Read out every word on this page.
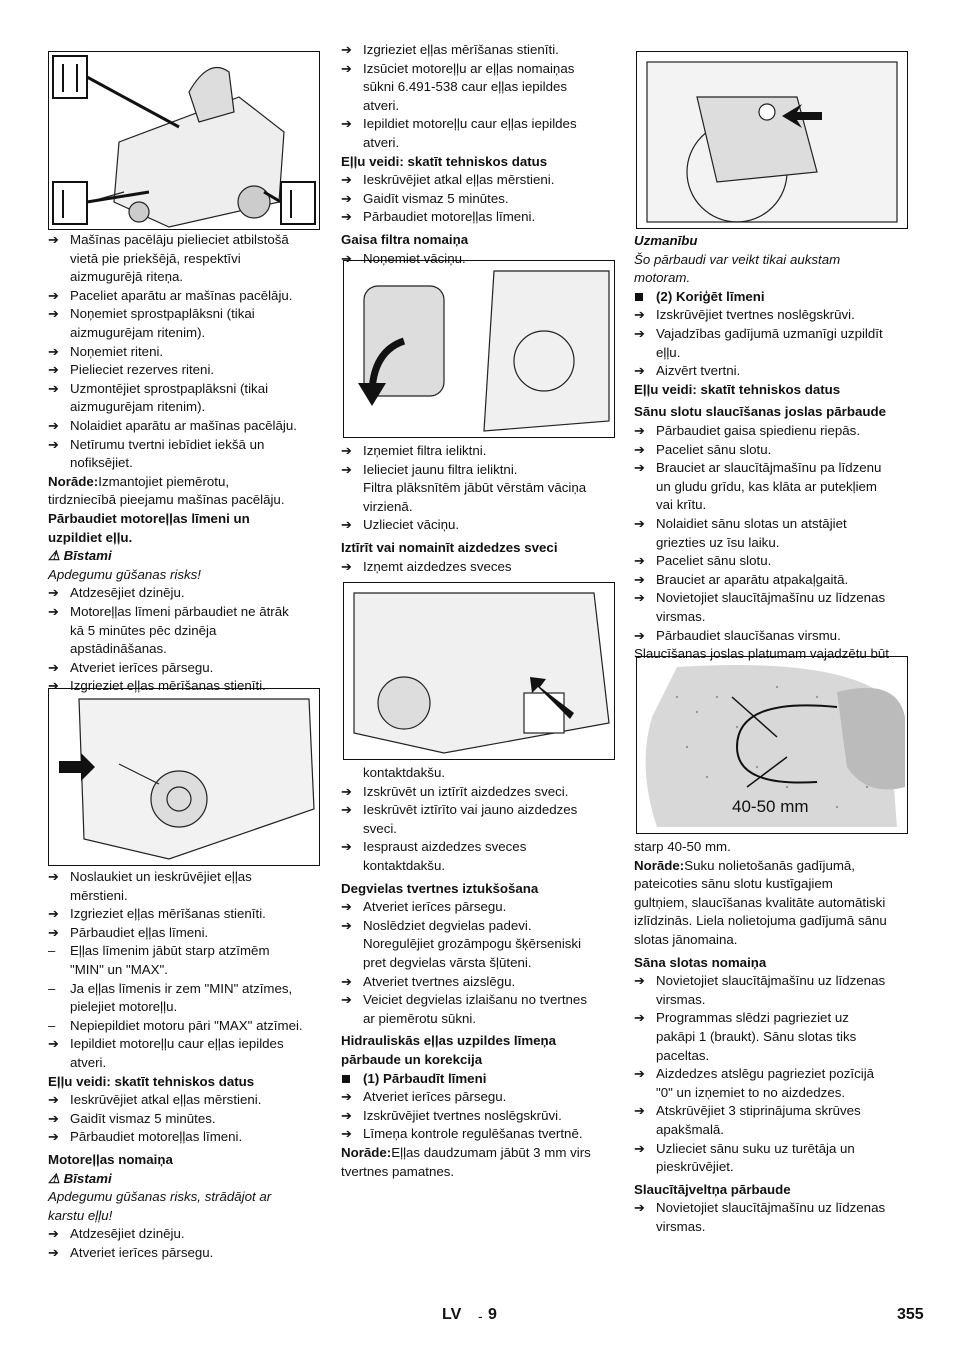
➔ Mašīnas pacēlāju pielieciet atbilstošā
vietā pie priekšējā, respektīvi
aizmugurējā riteņa.
➔ Paceliet aparātu ar mašīnas pacēlāju.
➔ Noņemiet sprostpaplāksni (tikai
aizmugurējam ritenim).
➔ Noņemiet riteni.
➔ Pielieciet rezerves riteni.
➔ Uzmontējiet sprostpaplāksni (tikai
aizmugurējam ritenim).
➔ Nolaidiet aparātu ar mašīnas pacēlāju.
➔ Netīrumu tvertni iebīdiet iekšā un
nofiksējiet.
Norāde:Izmantojiet piemērotu,
tirdzniecībā pieejamu mašīnas pacēlāju.
Pārbaudiet motoreļļas līmeni un
uzpildiet eļļu.
⚠ Bīstami
Apdegumu gūšanas risks!
➔ Atdzesējiet dzinēju.
➔ Motoreļļas līmeni pārbaudiet ne ātrāk
kā 5 minūtes pēc dzinēja
apstādināšanas.
➔ Atveriet ierīces pārsegu.
➔ Izgrieziet eļļas mērīšanas stienīti.
➔ Noslaukiet un ieskrūvējiet eļļas
mērstieni.
➔ Izgrieziet eļļas mērīšanas stienīti.
➔ Pārbaudiet eļļas līmeni.
– Eļļas līmenim jābūt starp atzīmēm
"MIN" un "MAX".
– Ja eļļas līmenis ir zem "MIN" atzīmes,
pielejiet motoreļļu.
– Nepiepildiet motoru pāri "MAX" atzīmei.
➔ Iepildiet motoreļļu caur eļļas iepildes
atveri.
Eļļu veidi: skatīt tehniskos datus
➔ Ieskrūvējiet atkal eļļas mērstieni.
➔ Gaidīt vismaz 5 minūtes.
➔ Pārbaudiet motoreļļas līmeni.
Motoreļļas nomaiņa
⚠ Bīstami
Apdegumu gūšanas risks, strādājot ar
karstu eļļu!
➔ Atdzesējiet dzinēju.
➔ Atveriet ierīces pārsegu.
➔ Izgrieziet eļļas mērīšanas stienīti.
➔ Izsūciet motoreļļu ar eļļas nomaiņas
sūkni 6.491-538 caur eļļas iepildes
atveri.
➔ Iepildiet motoreļļu caur eļļas iepildes
atveri.
Eļļu veidi: skatīt tehniskos datus
➔ Ieskrūvējiet atkal eļļas mērstieni.
➔ Gaidīt vismaz 5 minūtes.
➔ Pārbaudiet motoreļļas līmeni.
Gaisa filtra nomaiņa
➔ Noņemiet vāciņu.
➔ Izņemiet filtra ieliktni.
➔ Ielieciet jaunu filtra ieliktni.
Filtra plāksnītēm jābūt vērstām vāciņa
virzienā.
➔ Uzlieciet vāciņu.
Iztīrīt vai nomainīt aizdedzes sveci
➔ Izņemt aizdedzes sveces
kontaktdakšu.
➔ Izskrūvēt un iztīrīt aizdedzes sveci.
➔ Ieskrūvēt iztīrīto vai jauno aizdedzes
sveci.
➔ Iespraust aizdedzes sveces
kontaktdakšu.
Degvielas tvertnes iztukšošana
➔ Atveriet ierīces pārsegu.
➔ Noslēdziet degvielas padevi.
Noregulējiet grozāmpogu šķērseniski
pret degvielas vārsta šļūteni.
➔ Atveriet tvertnes aizslēgu.
➔ Veiciet degvielas izlaišanu no tvertnes
ar piemērotu sūkni.
Hidrauliskās eļļas uzpildes līmeņa
pārbaude un korekcija
(1) Pārbaudīt līmeni
➔ Atveriet ierīces pārsegu.
➔ Izskrūvējiet tvertnes noslēgskrūvi.
➔ Līmeņa kontrole regulēšanas tvertnē.
Norāde:Eļļas daudzumam jābūt 3 mm virs
tvertnes pamatnes.
40-50 mm
Uzmanību
Šo pārbaudi var veikt tikai aukstam
motoram.
(2) Koriģēt līmeni
➔ Izskrūvējiet tvertnes noslēgskrūvi.
➔ Vajadzības gadījumā uzmanīgi uzpildīt
eļļu.
➔ Aizvērt tvertni.
Eļļu veidi: skatīt tehniskos datus
Sānu slotu slaucīšanas joslas pārbaude
➔ Pārbaudiet gaisa spiedienu riepās.
➔ Paceliet sānu slotu.
➔ Brauciet ar slaucītājmašīnu pa līdzenu
un gludu grīdu, kas klāta ar putekļiem
vai krītu.
➔ Nolaidiet sānu slotas un atstājiet
griezties uz īsu laiku.
➔ Paceliet sānu slotu.
➔ Brauciet ar aparātu atpakaļgaitā.
➔ Novietojiet slaucītājmašīnu uz līdzenas
virsmas.
➔ Pārbaudiet slaucīšanas virsmu.
Slaucīšanas joslas platumam vajadzētu būt
starp 40-50 mm.
Norāde:Suku nolietošanās gadījumā,
pateicoties sānu slotu kustīgajiem
gultņiem, slaucīšanas kvalitāte automātiski
izlīdzinās. Liela nolietojuma gadījumā sānu
slotas jānomaina.
Sāna slotas nomaiņa
➔ Novietojiet slaucītājmašīnu uz līdzenas
virsmas.
➔ Programmas slēdzi pagrieziet uz
pakāpi 1 (braukt). Sānu slotas tiks
paceltas.
➔ Aizdedzes atslēgu pagrieziet pozīcijā
"0" un izņemiet to no aizdedzes.
➔ Atskrūvējiet 3 stiprinājuma skrūves
apakšmalā.
➔ Uzlieciet sānu suku uz turētāja un
pieskrūvējiet.
Slaucītājveltņa pārbaude
➔ Novietojiet slaucītājmašīnu uz līdzenas
virsmas.
LV - 9	355
